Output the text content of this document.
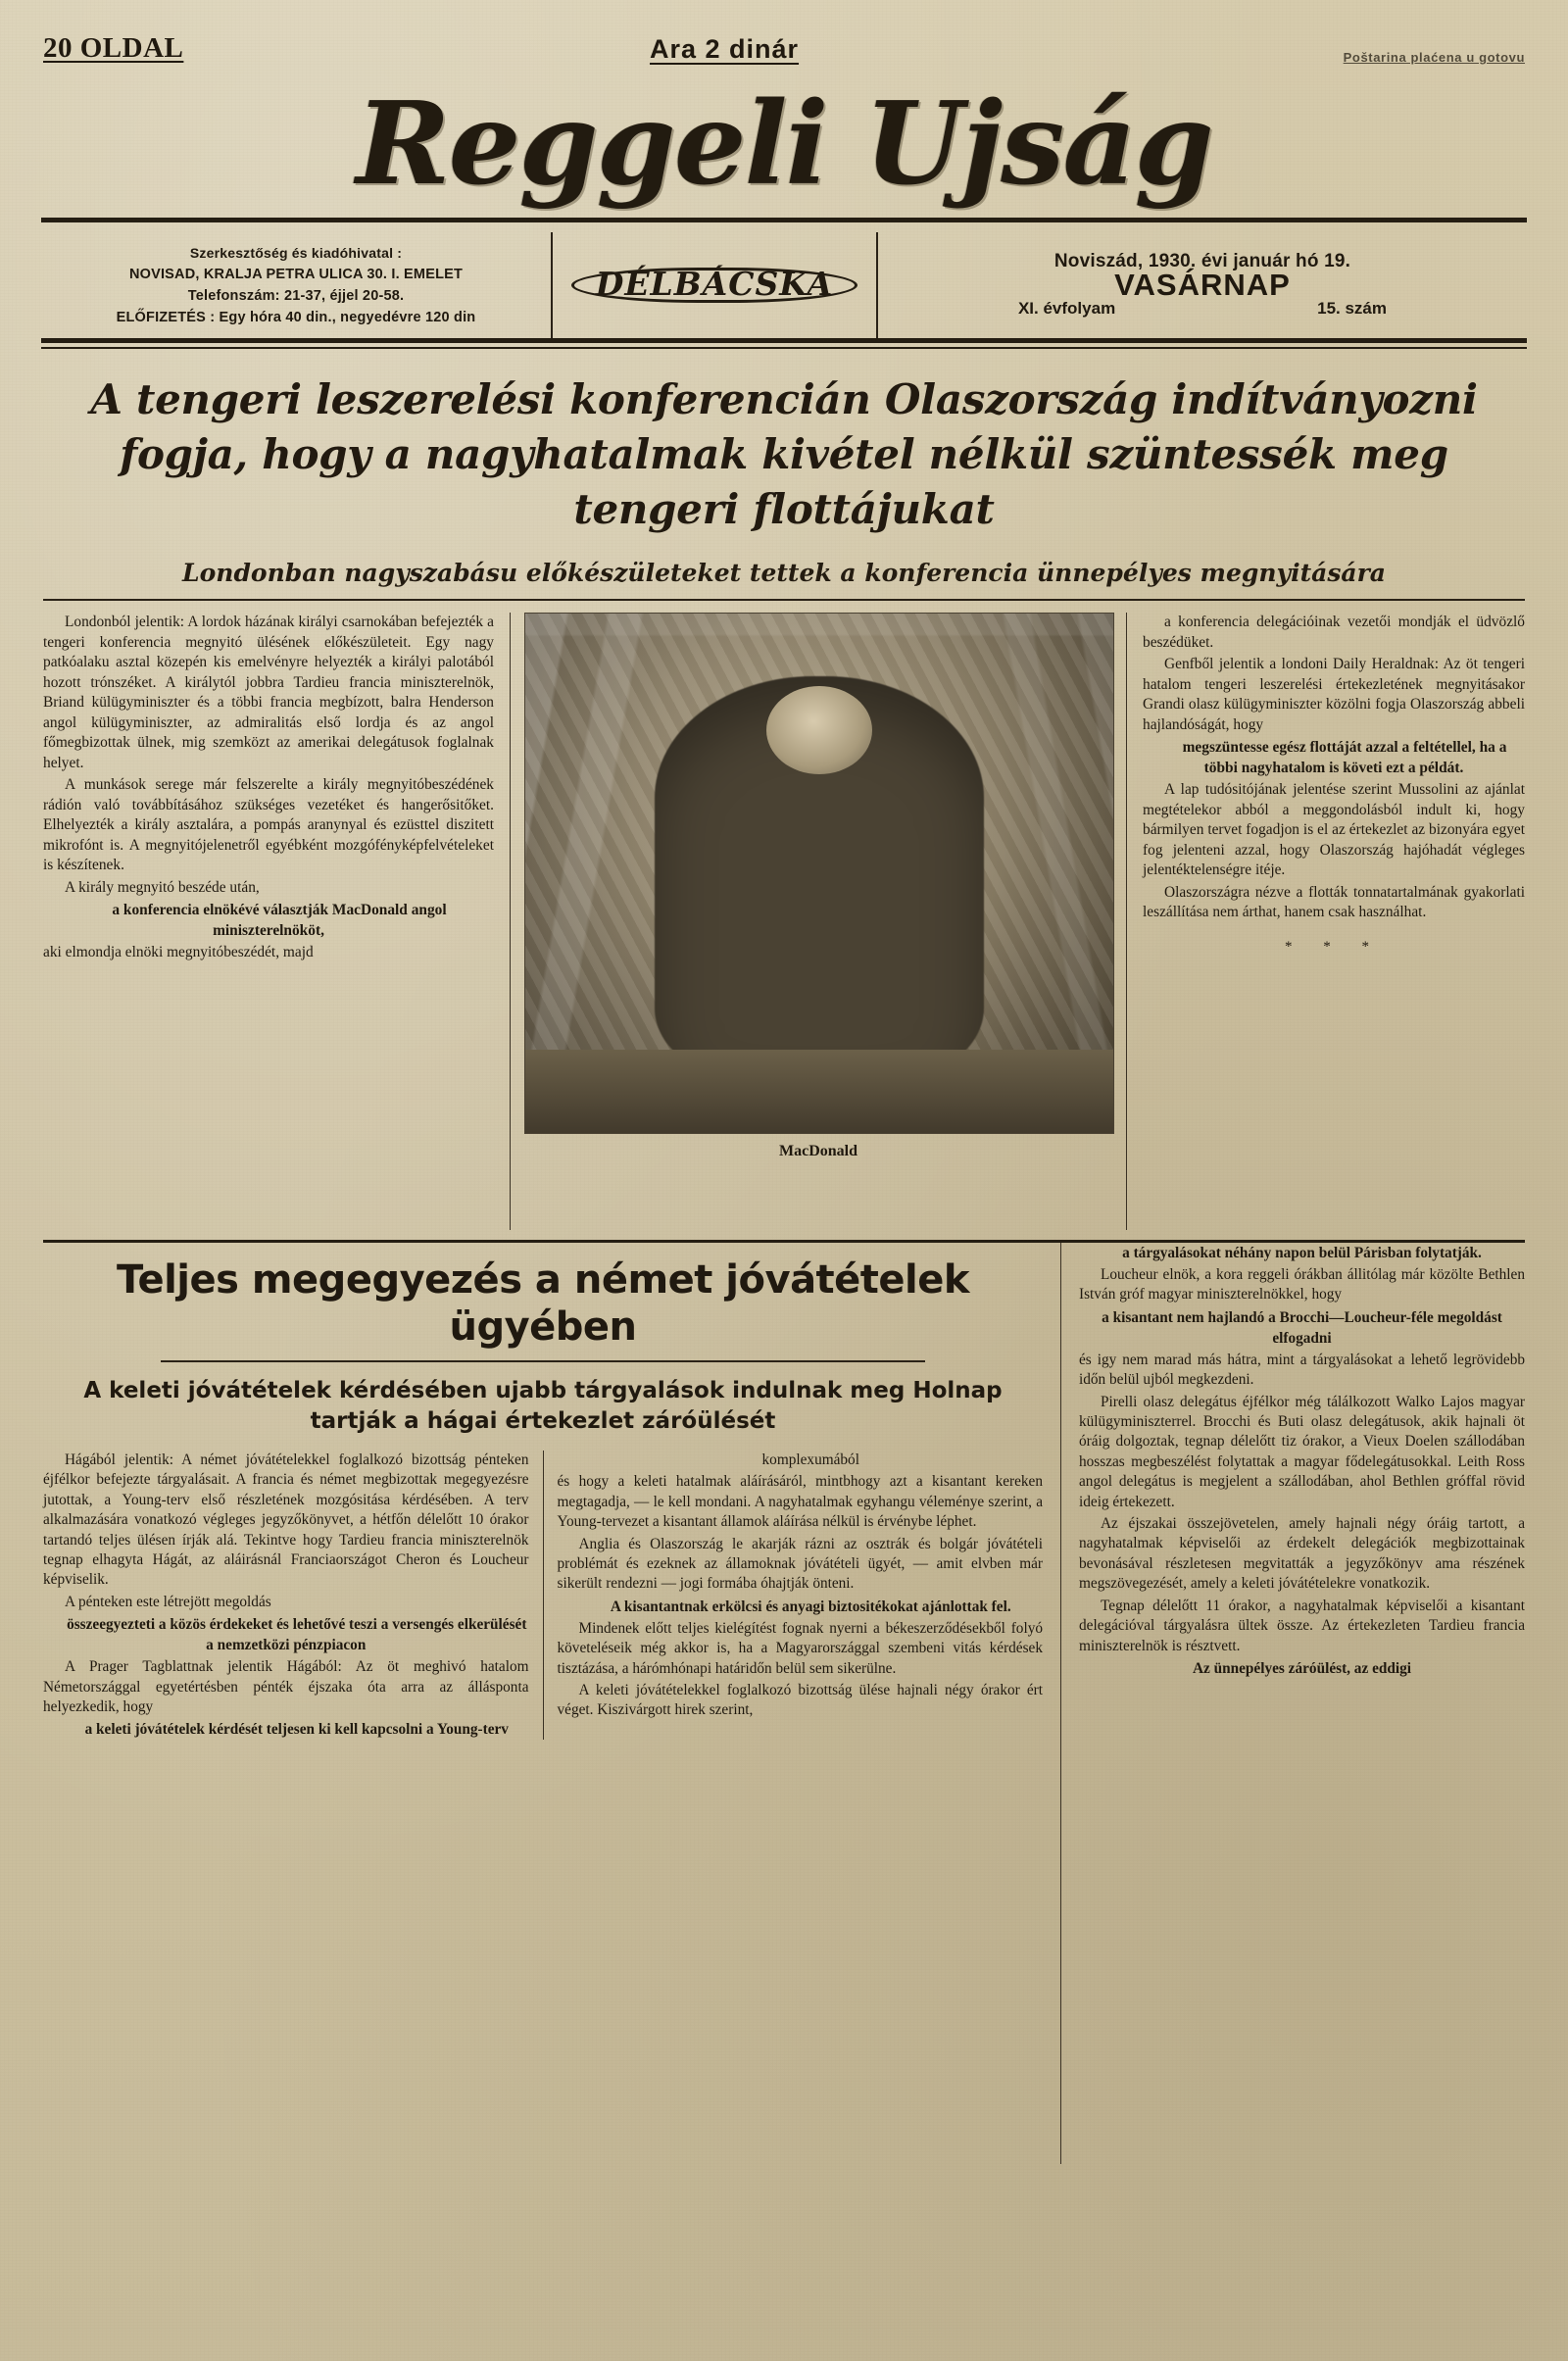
20 OLDAL	Ara 2 dinár	Poštarina plaćena u gotovu
Reggeli Ujság
Szerkesztőség és kiadóhivatal :
NOVISAD, KRALJA PETRA ULICA 30. I. EMELET
Telefonszám: 21-37, éjjel 20-58.
ELŐFIZETÉS : Egy hóra 40 din., negyedévre 120 din
DÉLBÁCSKA
Noviszád, 1930. évi január hó 19.
VASÁRNAP
XI. évfolyam	15. szám
A tengeri leszerelési konferencián Olaszország indítványozni fogja, hogy a nagyhatalmak kivétel nélkül szüntessék meg tengeri flottájukat
Londonban nagyszabásu előkészületeket tettek a konferencia ünnepélyes megnyitására

Londonból jelentik: A lordok házának királyi csarnokában befejezték a tengeri konferencia megnyitó ülésének előkészületeit. Egy nagy patkóalaku asztal közepén kis emelvényre helyezték a királyi palotából hozott trónszéket. A királytól jobbra Tardieu francia miniszterelnök, Briand külügyminiszter és a többi francia megbízott, balra Henderson angol külügyminiszter, az admiralitás első lordja és az angol főmegbizottak ülnek, mig szemközt az amerikai delegátusok foglalnak helyet.

A munkások serege már felszerelte a király megnyitóbeszédének rádión való továbbításához szükséges vezetéket és hangerősitőket. Elhelyezték a király asztalára, a pompás aranynyal és ezüsttel diszitett mikrofónt is. A megnyitójelenetről egyébként mozgófényképfelvételeket is készítenek.

A király megnyitó beszéde után,

a konferencia elnökévé választják MacDonald angol miniszterelnököt,

aki elmondja elnöki megnyitóbeszédét, majd

MacDonald

a konferencia delegációinak vezetői mondják el üdvözlő beszédüket.

Genfből jelentik a londoni Daily Heraldnak: Az öt tengeri hatalom tengeri leszerelési értekezletének megnyitásakor Grandi olasz külügyminiszter közölni fogja Olaszország abbeli hajlandóságát, hogy

megszüntesse egész flottáját azzal a feltétellel, ha a többi nagyhatalom is követi ezt a példát.

A lap tudósitójának jelentése szerint Mussolini az ajánlat megtételekor abból a meggondolásból indult ki, hogy bármilyen tervet fogadjon is el az értekezlet az bizonyára egyet fog jelenteni azzal, hogy Olaszország hajóhadát végleges jelentéktelenségre itéje.

Olaszországra nézve a flották tonnatartalmának gyakorlati leszállítása nem árthat, hanem csak használhat.

* * *
Teljes megegyezés a német jóvátételek ügyében
A keleti jóvátételek kérdésében ujabb tárgyalások indulnak meg Holnap tartják a hágai értekezlet záróülését

Hágából jelentik: A német jóvátételekkel foglalkozó bizottság pénteken éjfélkor befejezte tárgyalásait. A francia és német megbizottak megegyezésre jutottak, a Young-terv első részletének mozgósitása kérdésében. A terv alkalmazására vonatkozó végleges jegyzőkönyvet, a hétfőn délelőtt 10 órakor tartandó teljes ülésen írják alá. Tekintve hogy Tardieu francia miniszterelnök tegnap elhagyta Hágát, az aláirásnál Franciaországot Cheron és Loucheur képviselik.

A pénteken este létrejött megoldás

összeegyezteti a közös érdekeket és lehetővé teszi a versengés elkerülését a nemzetközi pénzpiacon

A Prager Tagblattnak jelentik Hágából: Az öt meghivó hatalom Németországgal egyetértésben pénték éjszaka óta arra az állásponta helyezkedik, hogy

a keleti jóvátételek kérdését teljesen ki kell kapcsolni a Young-terv

komplexumából

és hogy a keleti hatalmak aláírásáról, mintbhogy azt a kisantant kereken megtagadja, — le kell mondani. A nagyhatalmak egyhangu véleménye szerint, a Young-tervezet a kisantant államok aláírása nélkül is érvénybe léphet.

Anglia és Olaszország le akarják rázni az osztrák és bolgár jóvátételi problémát és ezeknek az államoknak jóvátételi ügyét, — amit elvben már sikerült rendezni — jogi formába óhajtják önteni.

A kisantantnak erkölcsi és anyagi biztositékokat ajánlottak fel.

Mindenek előtt teljes kielégítést fognak nyerni a békeszerződésekből folyó követeléseik még akkor is, ha a Magyarországgal szembeni vitás kérdések tisztázása, a hárómhónapi határidőn belül sem sikerülne.

A keleti jóvátételekkel foglalkozó bizottság ülése hajnali négy órakor ért véget. Kiszivárgott hirek szerint,

a tárgyalásokat néhány napon belül Párisban folytatják.

Loucheur elnök, a kora reggeli órákban állitólag már közölte Bethlen István gróf magyar miniszterelnökkel, hogy

a kisantant nem hajlandó a Brocchi—Loucheur-féle megoldást elfogadni

és igy nem marad más hátra, mint a tárgyalásokat a lehető legrövidebb időn belül ujból megkezdeni.

Pirelli olasz delegátus éjfélkor még tálálkozott Walko Lajos magyar külügyminiszterrel. Brocchi és Buti olasz delegátusok, akik hajnali öt óráig dolgoztak, tegnap délelőtt tiz órakor, a Vieux Doelen szállodában hosszas megbeszélést folytattak a magyar fődelegátusokkal. Leith Ross angol delegátus is megjelent a szállodában, ahol Bethlen gróffal rövid ideig értekezett.

Az éjszakai összejövetelen, amely hajnali négy óráig tartott, a nagyhatalmak képviselői az érdekelt delegációk megbizottainak bevonásával részletesen megvitatták a jegyzőkönyv ama részének megszövegezését, amely a keleti jóvátételekre vonatkozik.

Tegnap délelőtt 11 órakor, a nagyhatalmak képviselői a kisantant delegációval tárgyalásra ültek össze. Az értekezleten Tardieu francia miniszterelnök is résztvett.

Az ünnepélyes záróülést, az eddigi
